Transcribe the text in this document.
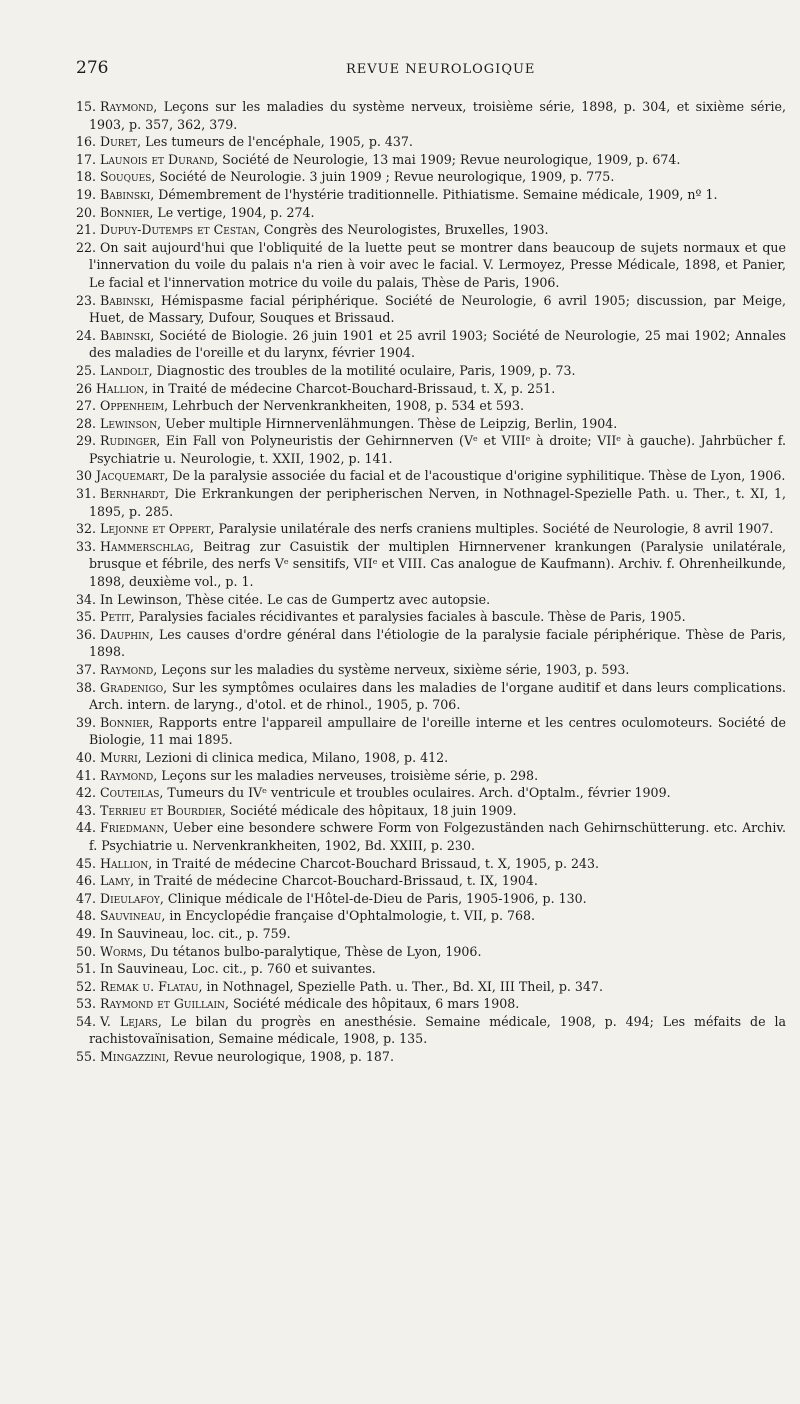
276	REVUE NEUROLOGIQUE

15. Raymond, Leçons sur les maladies du système nerveux, troisième série, 1898, p. 304, et sixième série, 1903, p. 357, 362, 379.

16. Duret, Les tumeurs de l'encéphale, 1905, p. 437.

17. Launois et Durand, Société de Neurologie, 13 mai 1909; Revue neurologique, 1909, p. 674.

18. Souques, Société de Neurologie. 3 juin 1909 ; Revue neurologique, 1909, p. 775.

19. Babinski, Démembrement de l'hystérie traditionnelle. Pithiatisme. Semaine médicale, 1909, nº 1.

20. Bonnier, Le vertige, 1904, p. 274.

21. Dupuy-Dutemps et Cestan, Congrès des Neurologistes, Bruxelles, 1903.

22. On sait aujourd'hui que l'obliquité de la luette peut se montrer dans beaucoup de sujets normaux et que l'innervation du voile du palais n'a rien à voir avec le facial. V. Lermoyez, Presse Médicale, 1898, et Panier, Le facial et l'innervation motrice du voile du palais, Thèse de Paris, 1906.

23. Babinski, Hémispasme facial périphérique. Société de Neurologie, 6 avril 1905; discussion, par Meige, Huet, de Massary, Dufour, Souques et Brissaud.

24. Babinski, Société de Biologie. 26 juin 1901 et 25 avril 1903; Société de Neurologie, 25 mai 1902; Annales des maladies de l'oreille et du larynx, février 1904.

25. Landolt, Diagnostic des troubles de la motilité oculaire, Paris, 1909, p. 73.

26 Hallion, in Traité de médecine Charcot-Bouchard-Brissaud, t. X, p. 251.

27. Oppenheim, Lehrbuch der Nervenkrankheiten, 1908, p. 534 et 593.

28. Lewinson, Ueber multiple Hirnnervenlähmungen. Thèse de Leipzig, Berlin, 1904.

29. Rudinger, Ein Fall von Polyneuristis der Gehirnnerven (Vᵉ et VIIIᵉ à droite; VIIᵉ à gauche). Jahrbücher f. Psychiatrie u. Neurologie, t. XXII, 1902, p. 141.

30 Jacquemart, De la paralysie associée du facial et de l'acoustique d'origine syphilitique. Thèse de Lyon, 1906.

31. Bernhardt, Die Erkrankungen der peripherischen Nerven, in Nothnagel-Spezielle Path. u. Ther., t. XI, 1, 1895, p. 285.

32. Lejonne et Oppert, Paralysie unilatérale des nerfs craniens multiples. Société de Neurologie, 8 avril 1907.

33. Hammerschlag, Beitrag zur Casuistik der multiplen Hirnnervener krankungen (Paralysie unilatérale, brusque et fébrile, des nerfs Vᵉ sensitifs, VIIᵉ et VIII. Cas analogue de Kaufmann). Archiv. f. Ohrenheilkunde, 1898, deuxième vol., p. 1.

34. In Lewinson, Thèse citée. Le cas de Gumpertz avec autopsie.

35. Petit, Paralysies faciales récidivantes et paralysies faciales à bascule. Thèse de Paris, 1905.

36. Dauphin, Les causes d'ordre général dans l'étiologie de la paralysie faciale périphérique. Thèse de Paris, 1898.

37. Raymond, Leçons sur les maladies du système nerveux, sixième série, 1903, p. 593.

38. Gradenigo, Sur les symptômes oculaires dans les maladies de l'organe auditif et dans leurs complications. Arch. intern. de laryng., d'otol. et de rhinol., 1905, p. 706.

39. Bonnier, Rapports entre l'appareil ampullaire de l'oreille interne et les centres oculomoteurs. Société de Biologie, 11 mai 1895.

40. Murri, Lezioni di clinica medica, Milano, 1908, p. 412.

41. Raymond, Leçons sur les maladies nerveuses, troisième série, p. 298.

42. Couteilas, Tumeurs du IVᵉ ventricule et troubles oculaires. Arch. d'Optalm., février 1909.

43. Terrieu et Bourdier, Société médicale des hôpitaux, 18 juin 1909.

44. Friedmann, Ueber eine besondere schwere Form von Folgezuständen nach Gehirnschütterung. etc. Archiv. f. Psychiatrie u. Nervenkrankheiten, 1902, Bd. XXIII, p. 230.

45. Hallion, in Traité de médecine Charcot-Bouchard Brissaud, t. X, 1905, p. 243.

46. Lamy, in Traité de médecine Charcot-Bouchard-Brissaud, t. IX, 1904.

47. Dieulafoy, Clinique médicale de l'Hôtel-de-Dieu de Paris, 1905-1906, p. 130.

48. Sauvineau, in Encyclopédie française d'Ophtalmologie, t. VII, p. 768.

49. In Sauvineau, loc. cit., p. 759.

50. Worms, Du tétanos bulbo-paralytique, Thèse de Lyon, 1906.

51. In Sauvineau, Loc. cit., p. 760 et suivantes.

52. Remak u. Flatau, in Nothnagel, Spezielle Path. u. Ther., Bd. XI, III Theil, p. 347.

53. Raymond et Guillain, Société médicale des hôpitaux, 6 mars 1908.

54. V. Lejars, Le bilan du progrès en anesthésie. Semaine médicale, 1908, p. 494; Les méfaits de la rachistovaïnisation, Semaine médicale, 1908, p. 135.

55. Mingazzini, Revue neurologique, 1908, p. 187.
